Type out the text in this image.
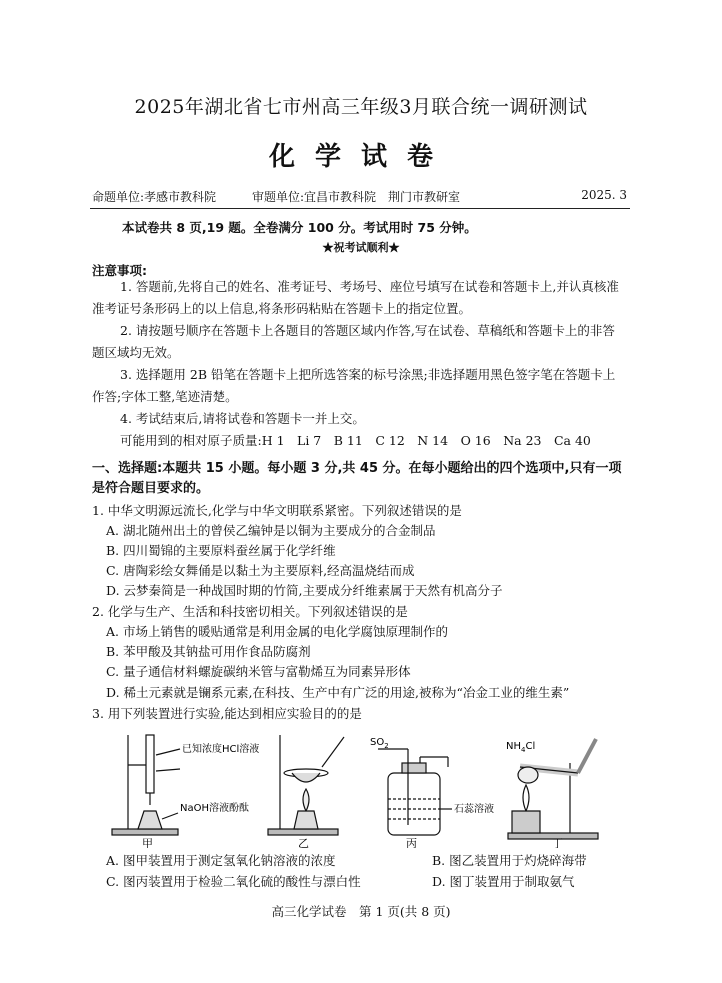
2025年湖北省七市州高三年级3月联合统一调研测试
化学试卷
命题单位:孝感市教科院	审题单位:宜昌市教科院　荆门市教研室	2025. 3
本试卷共 8 页,19 题。全卷满分 100 分。考试用时 75 分钟。
★祝考试顺利★
注意事项:
1. 答题前,先将自己的姓名、准考证号、考场号、座位号填写在试卷和答题卡上,并认真核准准考证号条形码上的以上信息,将条形码粘贴在答题卡上的指定位置。
2. 请按题号顺序在答题卡上各题目的答题区域内作答,写在试卷、草稿纸和答题卡上的非答题区域均无效。
3. 选择题用 2B 铅笔在答题卡上把所选答案的标号涂黑;非选择题用黑色签字笔在答题卡上作答;字体工整,笔迹清楚。
4. 考试结束后,请将试卷和答题卡一并上交。
可能用到的相对原子质量:H 1　Li 7　B 11　C 12　N 14　O 16　Na 23　Ca 40
一、选择题:本题共 15 小题。每小题 3 分,共 45 分。在每小题给出的四个选项中,只有一项是符合题目要求的。
1. 中华文明源远流长,化学与中华文明联系紧密。下列叙述错误的是
A. 湖北随州出土的曾侯乙编钟是以铜为主要成分的合金制品
B. 四川蜀锦的主要原料蚕丝属于化学纤维
C. 唐陶彩绘女舞俑是以黏土为主要原料,经高温烧结而成
D. 云梦秦简是一种战国时期的竹简,主要成分纤维素属于天然有机高分子
2. 化学与生产、生活和科技密切相关。下列叙述错误的是
A. 市场上销售的暖贴通常是利用金属的电化学腐蚀原理制作的
B. 苯甲酸及其钠盐可用作食品防腐剂
C. 量子通信材料螺旋碳纳米管与富勒烯互为同素异形体
D. 稀土元素就是镧系元素,在科技、生产中有广泛的用途,被称为“冶金工业的维生素”
3. 用下列装置进行实验,能达到相应实验目的的是
已知浓度HCl溶液
NaOH溶液酚酞
甲	乙
$SO_2$
石蕊溶液
丙
$NH_4Cl$
丁
A. 图甲装置用于测定氢氧化钠溶液的浓度	B. 图乙装置用于灼烧碎海带
C. 图丙装置用于检验二氧化硫的酸性与漂白性	D. 图丁装置用于制取氨气
高三化学试卷　第 1 页(共 8 页)
